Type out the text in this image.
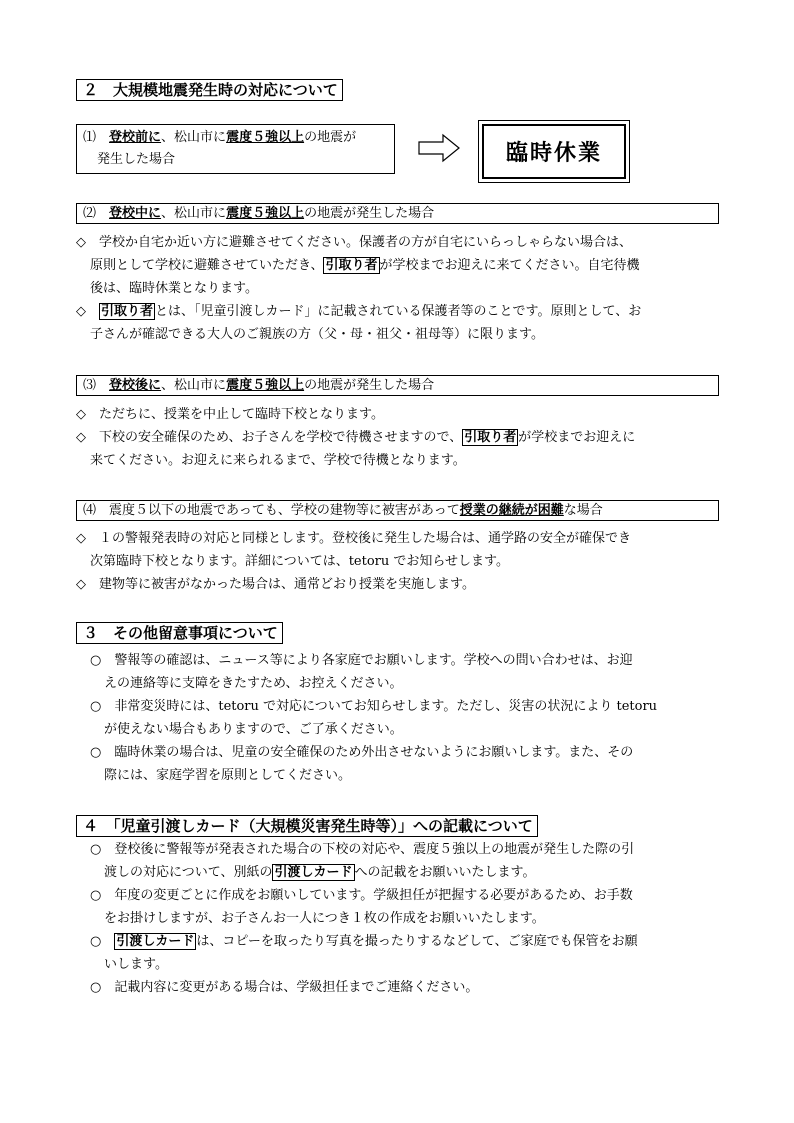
２　大規模地震発生時の対応について
⑴　 登校前に、松山市に震度５強以上の地震が
発生した場合	臨時休業
⑵　 登校中に、松山市に震度５強以上の地震が発生した場合
◇　学校か自宅か近い方に避難させてください。保護者の方が自宅にいらっしゃらない場合は、
原則として学校に避難させていただき、 引取り者 が学校までお迎えに来てください。自宅待機
後は、臨時休業となります。
◇　引取り者 とは、「児童引渡しカード」に記載されている保護者等のことです。原則として、お
子さんが確認できる大人のご親族の方（父・母・祖父・祖母等）に限ります。
⑶　 登校後に、松山市に震度５強以上の地震が発生した場合
◇　ただちに、授業を中止して臨時下校となります。
◇　下校の安全確保のため、お子さんを学校で待機させますので、 引取り者 が学校までお迎えに
来てください。お迎えに来られるまで、学校で待機となります。
⑷　 震度５以下の地震であっても、学校の建物等に被害があって授業の継続が困難な場合
◇　１の警報発表時の対応と同様とします。登校後に発生した場合は、通学路の安全が確保でき
次第臨時下校となります。詳細については、tetoru でお知らせします。
◇　建物等に被害がなかった場合は、通常どおり授業を実施します。
３　その他留意事項について
○　警報等の確認は、ニュース等により各家庭でお願いします。学校への問い合わせは、お迎
えの連絡等に支障をきたすため、お控えください。
○　非常変災時には、tetoru で対応についてお知らせします。ただし、災害の状況により tetoru
が使えない場合もありますので、ご了承ください。
○　臨時休業の場合は、児童の安全確保のため外出させないようにお願いします。また、その
際には、家庭学習を原則としてください。
４　「児童引渡しカード（大規模災害発生時等）」への記載について
○　登校後に警報等が発表された場合の下校の対応や、震度５強以上の地震が発生した際の引
渡しの対応について、別紙の 引渡しカード への記載をお願いいたします。
○　年度の変更ごとに作成をお願いしています。学級担任が把握する必要があるため、お手数
をお掛けしますが、お子さんお一人につき１枚の作成をお願いいたします。
○　引渡しカード は、コピーを取ったり写真を撮ったりするなどして、ご家庭でも保管をお願
いします。
○　記載内容に変更がある場合は、学級担任までご連絡ください。
